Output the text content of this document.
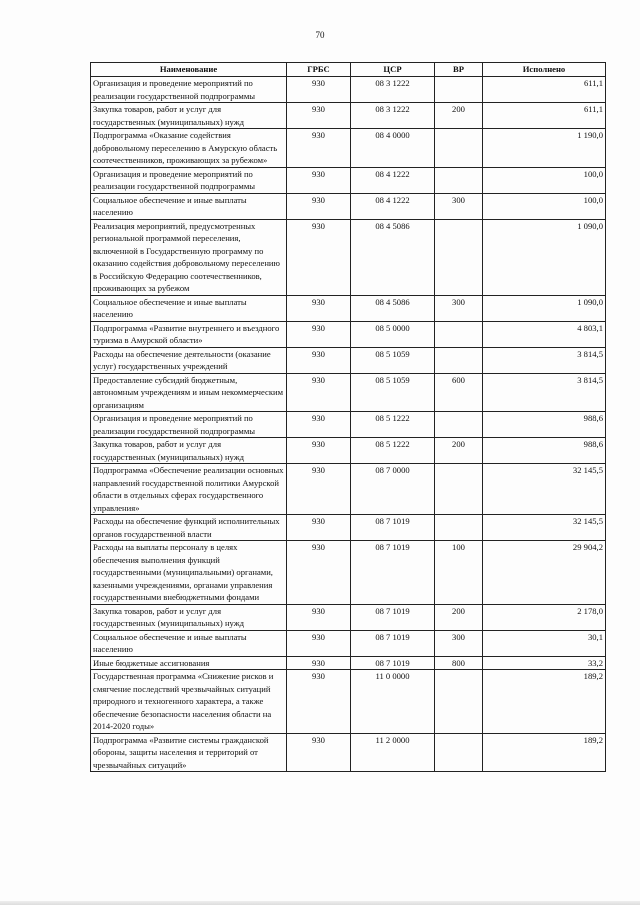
70
Наименование	ГРБС	ЦСР	ВР	Исполнено
Организация и проведение мероприятий по реализации государственной подпрограммы	930	08 3 1222		611,1
Закупка товаров, работ и услуг для государственных (муниципальных) нужд	930	08 3 1222	200	611,1
Подпрограмма «Оказание содействия добровольному переселению в Амурскую область соотечественников, проживающих за рубежом»	930	08 4 0000		1 190,0
Организация и проведение мероприятий по реализации государственной подпрограммы	930	08 4 1222		100,0
Социальное обеспечение и иные выплаты населению	930	08 4 1222	300	100,0
Реализация мероприятий, предусмотренных региональной программой переселения, включенной в Государственную программу по оказанию содействия добровольному переселению в Российскую Федерацию соотечественников, проживающих за рубежом	930	08 4 5086		1 090,0
Социальное обеспечение и иные выплаты населению	930	08 4 5086	300	1 090,0
Подпрограмма «Развитие внутреннего и въездного туризма в Амурской области»	930	08 5 0000		4 803,1
Расходы на обеспечение деятельности (оказание услуг) государственных учреждений	930	08 5 1059		3 814,5
Предоставление субсидий бюджетным, автономным учреждениям и иным некоммерческим организациям	930	08 5 1059	600	3 814,5
Организация и проведение мероприятий по реализации государственной подпрограммы	930	08 5 1222		988,6
Закупка товаров, работ и услуг для государственных (муниципальных) нужд	930	08 5 1222	200	988,6
Подпрограмма «Обеспечение реализации основных направлений государственной политики Амурской области в отдельных сферах государственного управления»	930	08 7 0000		32 145,5
Расходы на обеспечение функций исполнительных органов государственной власти	930	08 7 1019		32 145,5
Расходы на выплаты персоналу в целях обеспечения выполнения функций государственными (муниципальными) органами, казенными учреждениями, органами управления государственными внебюджетными фондами	930	08 7 1019	100	29 904,2
Закупка товаров, работ и услуг для государственных (муниципальных) нужд	930	08 7 1019	200	2 178,0
Социальное обеспечение и иные выплаты населению	930	08 7 1019	300	30,1
Иные бюджетные ассигнования	930	08 7 1019	800	33,2
Государственная программа «Снижение рисков и смягчение последствий чрезвычайных ситуаций природного и техногенного характера, а также обеспечение безопасности населения области на 2014-2020 годы»	930	11 0 0000		189,2
Подпрограмма «Развитие системы гражданской обороны, защиты населения и территорий от чрезвычайных ситуаций»	930	11 2 0000		189,2
